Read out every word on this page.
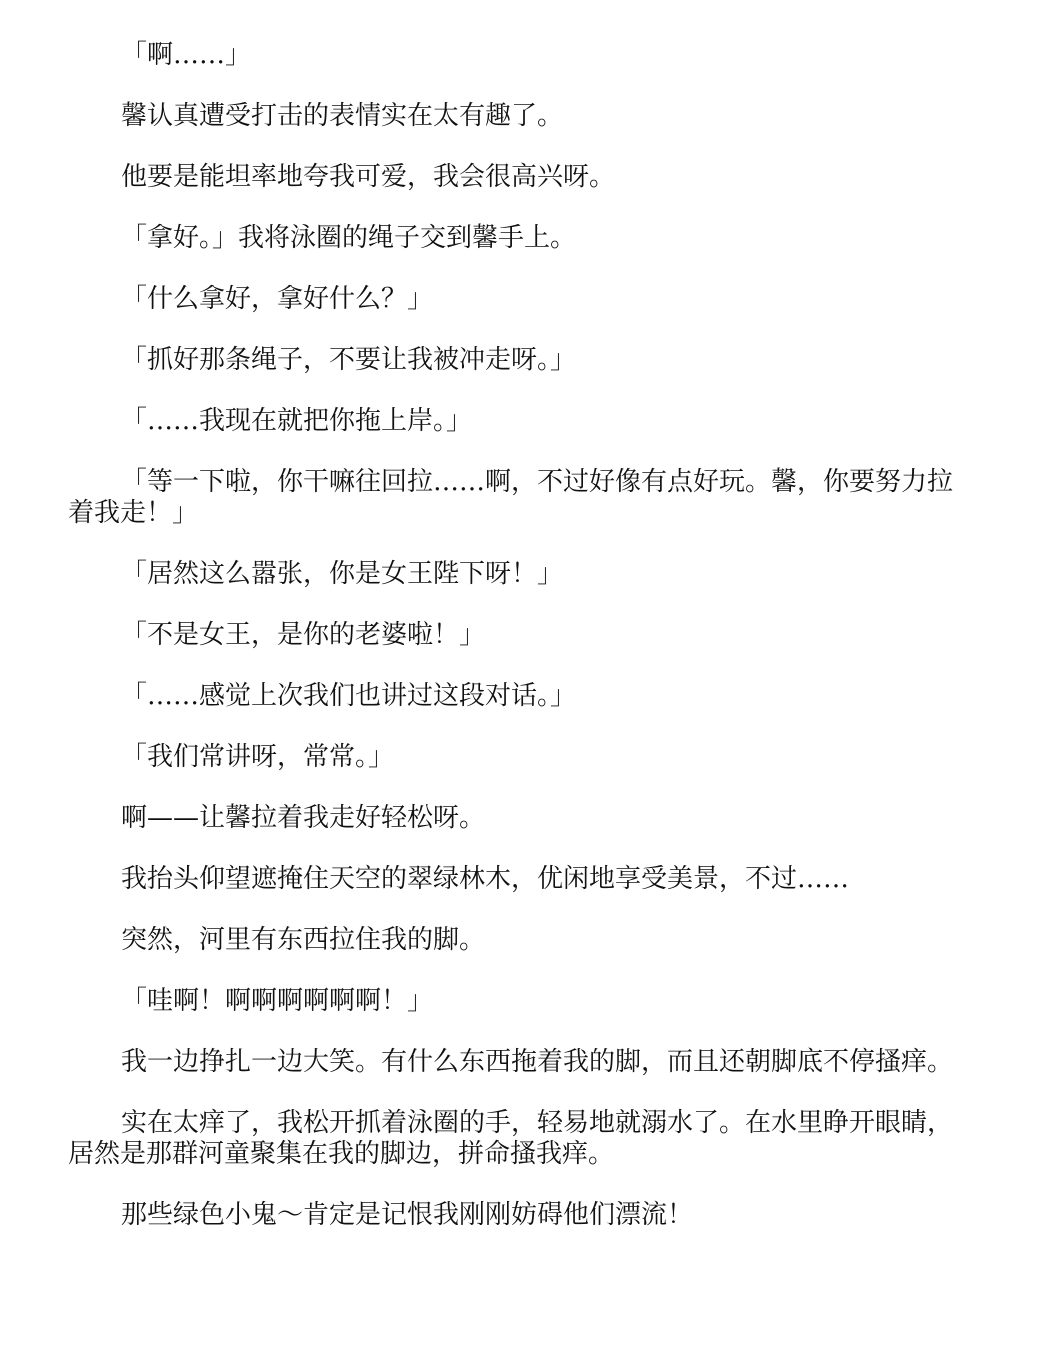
「啊……」

馨认真遭受打击的表情实在太有趣了。

他要是能坦率地夸我可爱，我会很高兴呀。

「拿好。」我将泳圈的绳子交到馨手上。

「什么拿好，拿好什么？」

「抓好那条绳子，不要让我被冲走呀。」

「……我现在就把你拖上岸。」

「等一下啦，你干嘛往回拉……啊，不过好像有点好玩。馨，你要努力拉着我走！」

「居然这么嚣张，你是女王陛下呀！」

「不是女王，是你的老婆啦！」

「……感觉上次我们也讲过这段对话。」

「我们常讲呀，常常。」

啊——让馨拉着我走好轻松呀。

我抬头仰望遮掩住天空的翠绿林木，优闲地享受美景，不过……

突然，河里有东西拉住我的脚。

「哇啊！啊啊啊啊啊啊！」

我一边挣扎一边大笑。有什么东西拖着我的脚，而且还朝脚底不停搔痒。

实在太痒了，我松开抓着泳圈的手，轻易地就溺水了。在水里睁开眼睛，居然是那群河童聚集在我的脚边，拼命搔我痒。

那些绿色小鬼～肯定是记恨我刚刚妨碍他们漂流！
